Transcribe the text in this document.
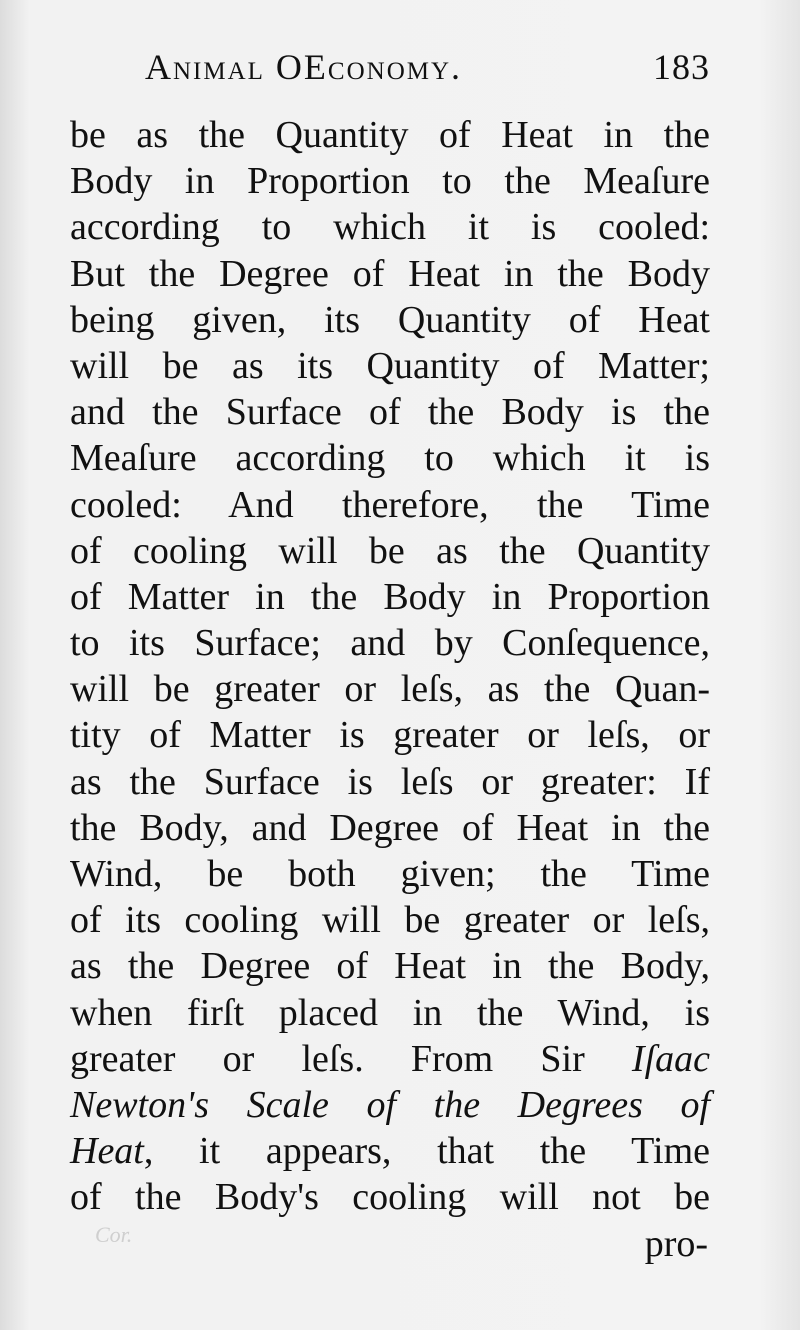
Animal OEconomy.	183
be as the Quantity of Heat in the
Body in Proportion to the Meaſure
according to which it is cooled:
But the Degree of Heat in the Body
being given, its Quantity of Heat
will be as its Quantity of Matter;
and the Surface of the Body is the
Meaſure according to which it is
cooled: And therefore, the Time
of cooling will be as the Quantity
of Matter in the Body in Proportion
to its Surface; and by Conſequence,
will be greater or leſs, as the Quan-
tity of Matter is greater or leſs, or
as the Surface is leſs or greater: If
the Body, and Degree of Heat in the
Wind, be both given; the Time
of its cooling will be greater or leſs,
as the Degree of Heat in the Body,
when firſt placed in the Wind, is
greater or leſs. From Sir Iſaac
Newton's Scale of the Degrees of
Heat, it appears, that the Time
of the Body's cooling will not be
Cor.	pro-
